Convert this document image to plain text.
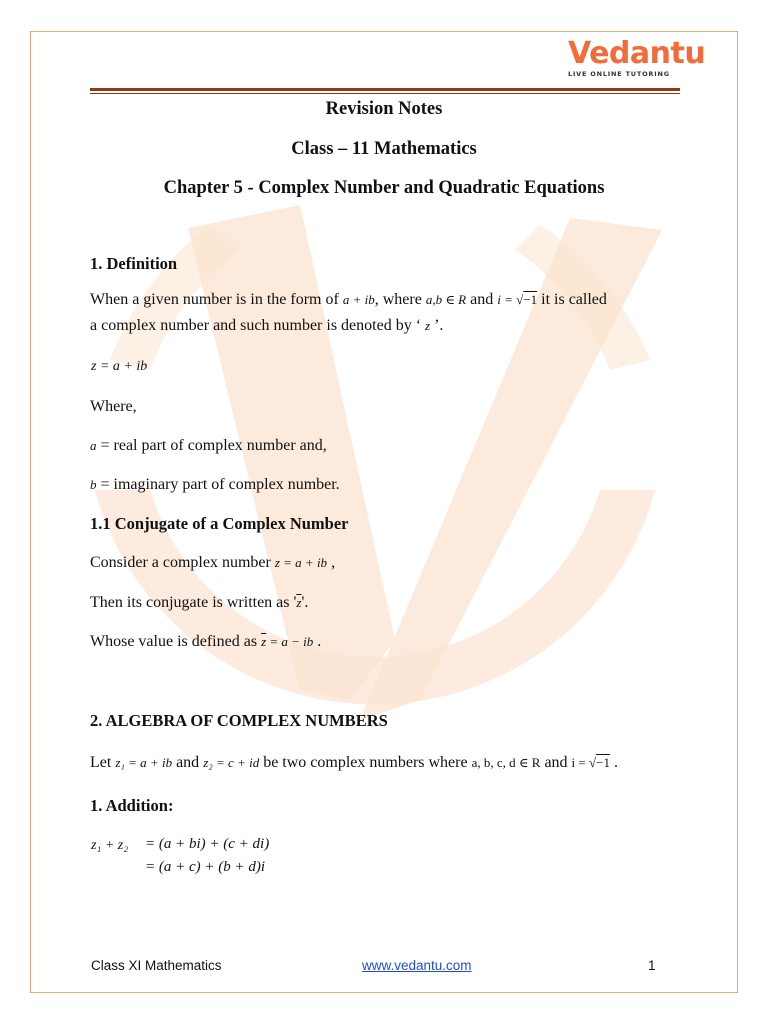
Vedantu
LIVE ONLINE TUTORING
Revision Notes
Class – 11 Mathematics
Chapter 5 - Complex Number and Quadratic Equations
1. Definition
When a given number is in the form of a + ib, where a,b ∈ R and i = √−1 it is called
a complex number and such number is denoted by ‘ z ’.
z = a + ib
Where,
a = real part of complex number and,
b = imaginary part of complex number.
1.1 Conjugate of a Complex Number
Consider a complex number z = a + ib ,
Then its conjugate is written as '$\overline{z}$'.
Whose value is defined as $\overline{z} = a$ − ib .
2. ALGEBRA OF COMPLEX NUMBERS
Let z₁ = a + ib and z₂ = c + id be two complex numbers where a, b, c, d ∈ R and i = √−1 .
1. Addition:
z₁ + z₂ = (a + bi) + (c + di)
= (a + c) + (b + d)i
Class XI Mathematics	www.vedantu.com	1
